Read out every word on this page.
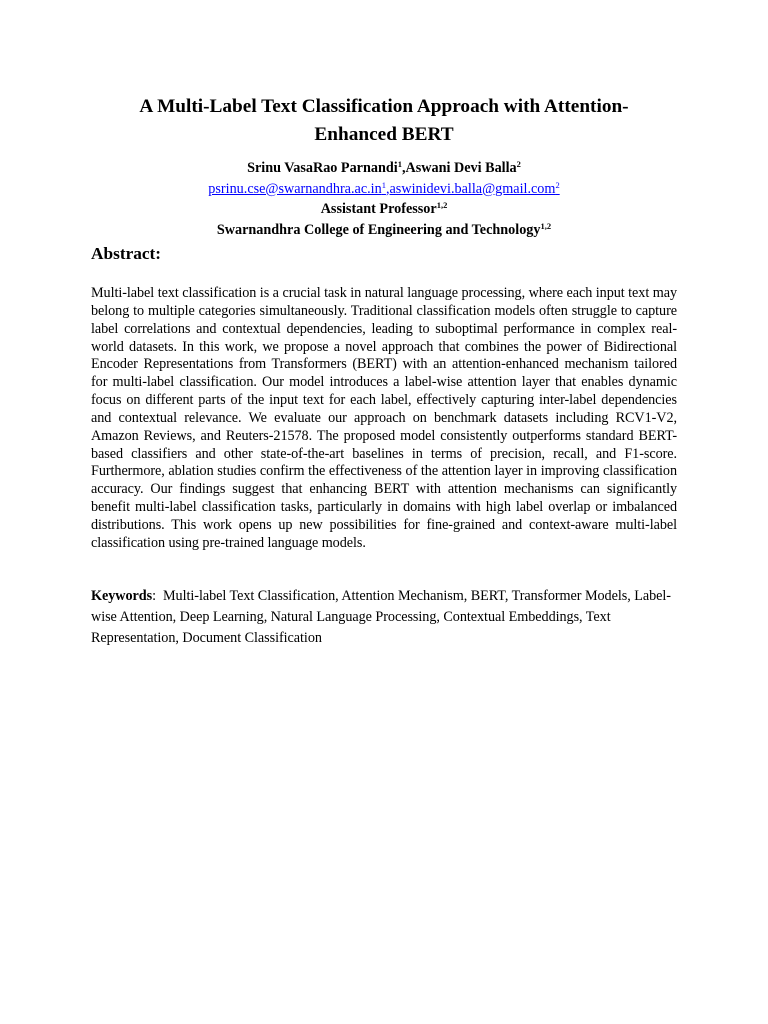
A Multi-Label Text Classification Approach with Attention-Enhanced BERT
Srinu VasaRao Parnandi$^1$,Aswani Devi Balla$^2$
psrinu.cse@swarnandhra.ac.in$^1$,aswinidevi.balla@gmail.com$^2$
Assistant Professor$^{1,2}$
Swarnandhra College of Engineering and Technology$^{1,2}$
Abstract:

Multi-label text classification is a crucial task in natural language processing, where each input text may belong to multiple categories simultaneously. Traditional classification models often struggle to capture label correlations and contextual dependencies, leading to suboptimal performance in complex real-world datasets. In this work, we propose a novel approach that combines the power of Bidirectional Encoder Representations from Transformers (BERT) with an attention-enhanced mechanism tailored for multi-label classification. Our model introduces a label-wise attention layer that enables dynamic focus on different parts of the input text for each label, effectively capturing inter-label dependencies and contextual relevance. We evaluate our approach on benchmark datasets including RCV1-V2, Amazon Reviews, and Reuters-21578. The proposed model consistently outperforms standard BERT-based classifiers and other state-of-the-art baselines in terms of precision, recall, and F1-score. Furthermore, ablation studies confirm the effectiveness of the attention layer in improving classification accuracy. Our findings suggest that enhancing BERT with attention mechanisms can significantly benefit multi-label classification tasks, particularly in domains with high label overlap or imbalanced distributions. This work opens up new possibilities for fine-grained and context-aware multi-label classification using pre-trained language models.

Keywords: Multi-label Text Classification, Attention Mechanism, BERT, Transformer Models, Label-wise Attention, Deep Learning, Natural Language Processing, Contextual Embeddings, Text Representation, Document Classification
